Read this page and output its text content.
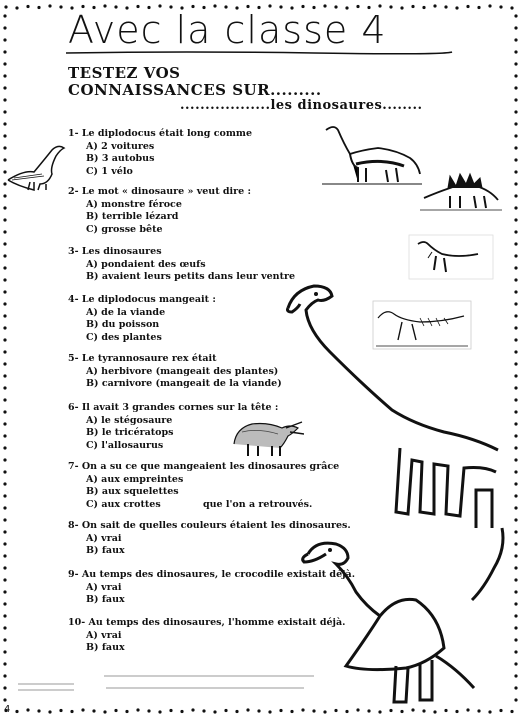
Avec la classe 4
TESTEZ VOS
CONNAISSANCES SUR.........
..................les dinosaures........
1- Le diplodocus était long comme
A) 2 voitures
B) 3 autobus
C) 1 vélo
2- Le mot « dinosaure » veut dire :
A) monstre féroce
B) terrible lézard
C) grosse bête
3- Les dinosaures
A) pondaient des œufs
B) avaient leurs petits dans leur ventre
4- Le diplodocus mangeait :
A) de la viande
B) du poisson
C) des plantes
5- Le tyrannosaure rex était
A) herbivore (mangeait des plantes)
B) carnivore (mangeait de la viande)
6- Il avait 3 grandes cornes sur la tête :
A) le stégosaure
B) le tricératops
C) l'allosaurus
7- On a su ce que mangeaient les dinosaures grâce
A) aux empreintes
B) aux squelettes
C) aux crottes	que l'on a retrouvés.
8- On sait de quelles couleurs étaient les dinosaures.
A) vrai
B) faux
9- Au temps des dinosaures, le crocodile existait déjà.
A) vrai
B) faux
10- Au temps des dinosaures, l'homme existait déjà.
A) vrai
B) faux
4
